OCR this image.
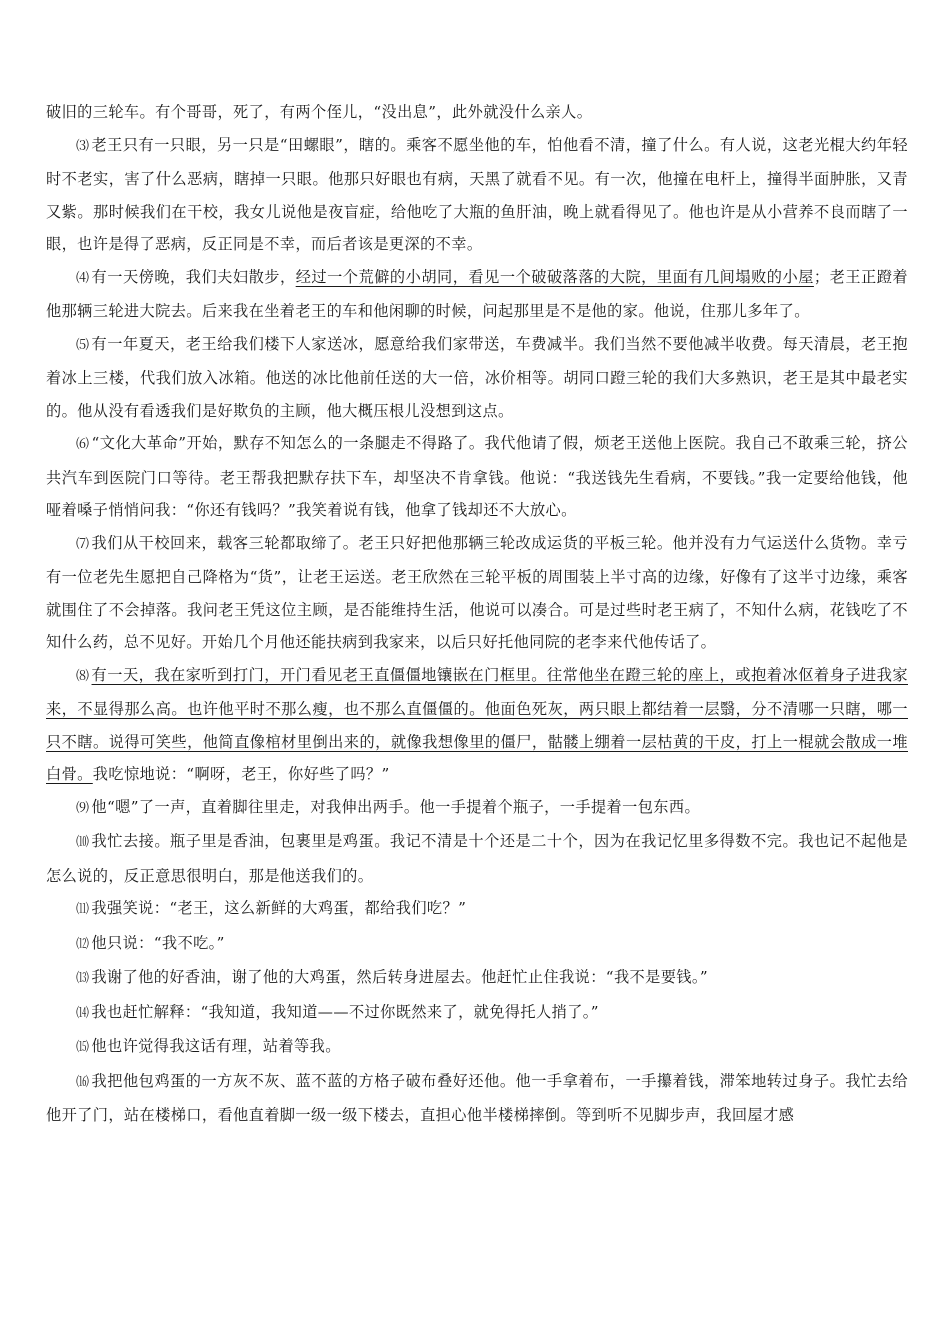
破旧的三轮车。有个哥哥，死了，有两个侄儿，“没出息”，此外就没什么亲人。

⑶ 老王只有一只眼，另一只是“田螺眼”，瞎的。乘客不愿坐他的车，怕他看不清，撞了什么。有人说，这老光棍大约年轻时不老实，害了什么恶病，瞎掉一只眼。他那只好眼也有病，天黑了就看不见。有一次，他撞在电杆上，撞得半面肿胀，又青又紫。那时候我们在干校，我女儿说他是夜盲症，给他吃了大瓶的鱼肝油，晚上就看得见了。他也许是从小营养不良而瞎了一眼，也许是得了恶病，反正同是不幸，而后者该是更深的不幸。

⑷ 有一天傍晚，我们夫妇散步，经过一个荒僻的小胡同，看见一个破破落落的大院，里面有几间塌败的小屋；老王正蹬着他那辆三轮进大院去。后来我在坐着老王的车和他闲聊的时候，问起那里是不是他的家。他说，住那儿多年了。

⑸ 有一年夏天，老王给我们楼下人家送冰，愿意给我们家带送，车费减半。我们当然不要他减半收费。每天清晨，老王抱着冰上三楼，代我们放入冰箱。他送的冰比他前任送的大一倍，冰价相等。胡同口蹬三轮的我们大多熟识，老王是其中最老实的。他从没有看透我们是好欺负的主顾，他大概压根儿没想到这点。

⑹ “文化大革命”开始，默存不知怎么的一条腿走不得路了。我代他请了假，烦老王送他上医院。我自己不敢乘三轮，挤公共汽车到医院门口等待。老王帮我把默存扶下车，却坚决不肯拿钱。他说：“我送钱先生看病，不要钱。”我一定要给他钱，他哑着嗓子悄悄问我：“你还有钱吗？”我笑着说有钱，他拿了钱却还不大放心。

⑺ 我们从干校回来，载客三轮都取缔了。老王只好把他那辆三轮改成运货的平板三轮。他并没有力气运送什么货物。幸亏有一位老先生愿把自己降格为“货”，让老王运送。老王欣然在三轮平板的周围装上半寸高的边缘，好像有了这半寸边缘，乘客就围住了不会掉落。我问老王凭这位主顾，是否能维持生活，他说可以凑合。可是过些时老王病了，不知什么病，花钱吃了不知什么药，总不见好。开始几个月他还能扶病到我家来，以后只好托他同院的老李来代他传话了。

⑻ 有一天，我在家听到打门，开门看见老王直僵僵地镶嵌在门框里。往常他坐在蹬三轮的座上，或抱着冰伛着身子进我家来，不显得那么高。也许他平时不那么瘦，也不那么直僵僵的。他面色死灰，两只眼上都结着一层翳，分不清哪一只瞎，哪一只不瞎。说得可笑些，他简直像棺材里倒出来的，就像我想像里的僵尸，骷髅上绷着一层枯黄的干皮，打上一棍就会散成一堆白骨。我吃惊地说：“啊呀，老王，你好些了吗？”

⑼ 他“嗯”了一声，直着脚往里走，对我伸出两手。他一手提着个瓶子，一手提着一包东西。

⑽ 我忙去接。瓶子里是香油，包裹里是鸡蛋。我记不清是十个还是二十个，因为在我记忆里多得数不完。我也记不起他是怎么说的，反正意思很明白，那是他送我们的。

⑾ 我强笑说：“老王，这么新鲜的大鸡蛋，都给我们吃？”

⑿ 他只说：“我不吃。”

⒀ 我谢了他的好香油，谢了他的大鸡蛋，然后转身进屋去。他赶忙止住我说：“我不是要钱。”

⒁ 我也赶忙解释：“我知道，我知道——不过你既然来了，就免得托人捎了。”

⒂ 他也许觉得我这话有理，站着等我。

⒃ 我把他包鸡蛋的一方灰不灰、蓝不蓝的方格子破布叠好还他。他一手拿着布，一手攥着钱，滞笨地转过身子。我忙去给他开了门，站在楼梯口，看他直着脚一级一级下楼去，直担心他半楼梯摔倒。等到听不见脚步声，我回屋才感
